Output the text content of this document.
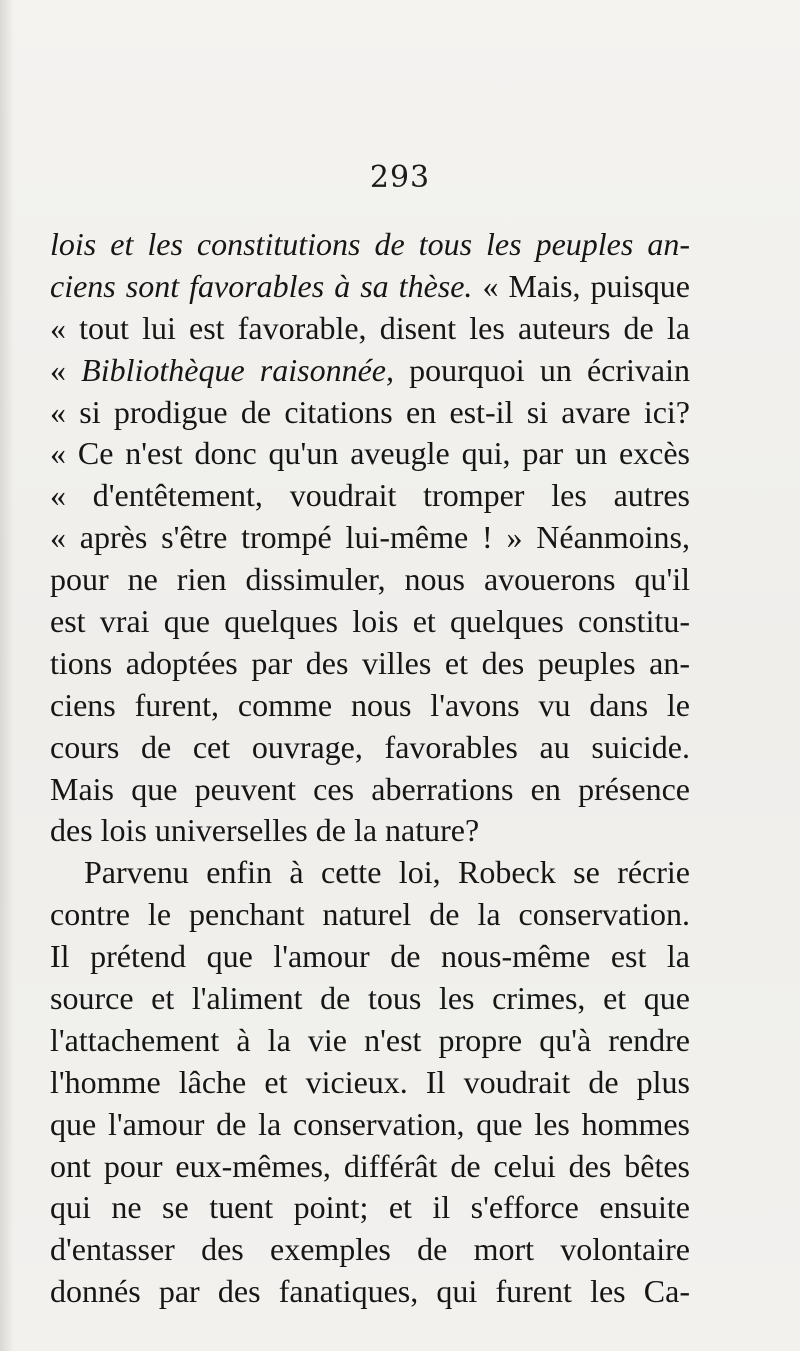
293
lois et les constitutions de tous les peuples an-
ciens sont favorables à sa thèse. « Mais, puisque
« tout lui est favorable, disent les auteurs de la
« Bibliothèque raisonnée, pourquoi un écrivain
« si prodigue de citations en est-il si avare ici?
« Ce n'est donc qu'un aveugle qui, par un excès
« d'entêtement, voudrait tromper les autres
« après s'être trompé lui-même ! » Néanmoins,
pour ne rien dissimuler, nous avouerons qu'il
est vrai que quelques lois et quelques constitu-
tions adoptées par des villes et des peuples an-
ciens furent, comme nous l'avons vu dans le
cours de cet ouvrage, favorables au suicide.
Mais que peuvent ces aberrations en présence
des lois universelles de la nature?
Parvenu enfin à cette loi, Robeck se récrie
contre le penchant naturel de la conservation.
Il prétend que l'amour de nous-même est la
source et l'aliment de tous les crimes, et que
l'attachement à la vie n'est propre qu'à rendre
l'homme lâche et vicieux. Il voudrait de plus
que l'amour de la conservation, que les hommes
ont pour eux-mêmes, différât de celui des bêtes
qui ne se tuent point; et il s'efforce ensuite
d'entasser des exemples de mort volontaire
donnés par des fanatiques, qui furent les Ca-
